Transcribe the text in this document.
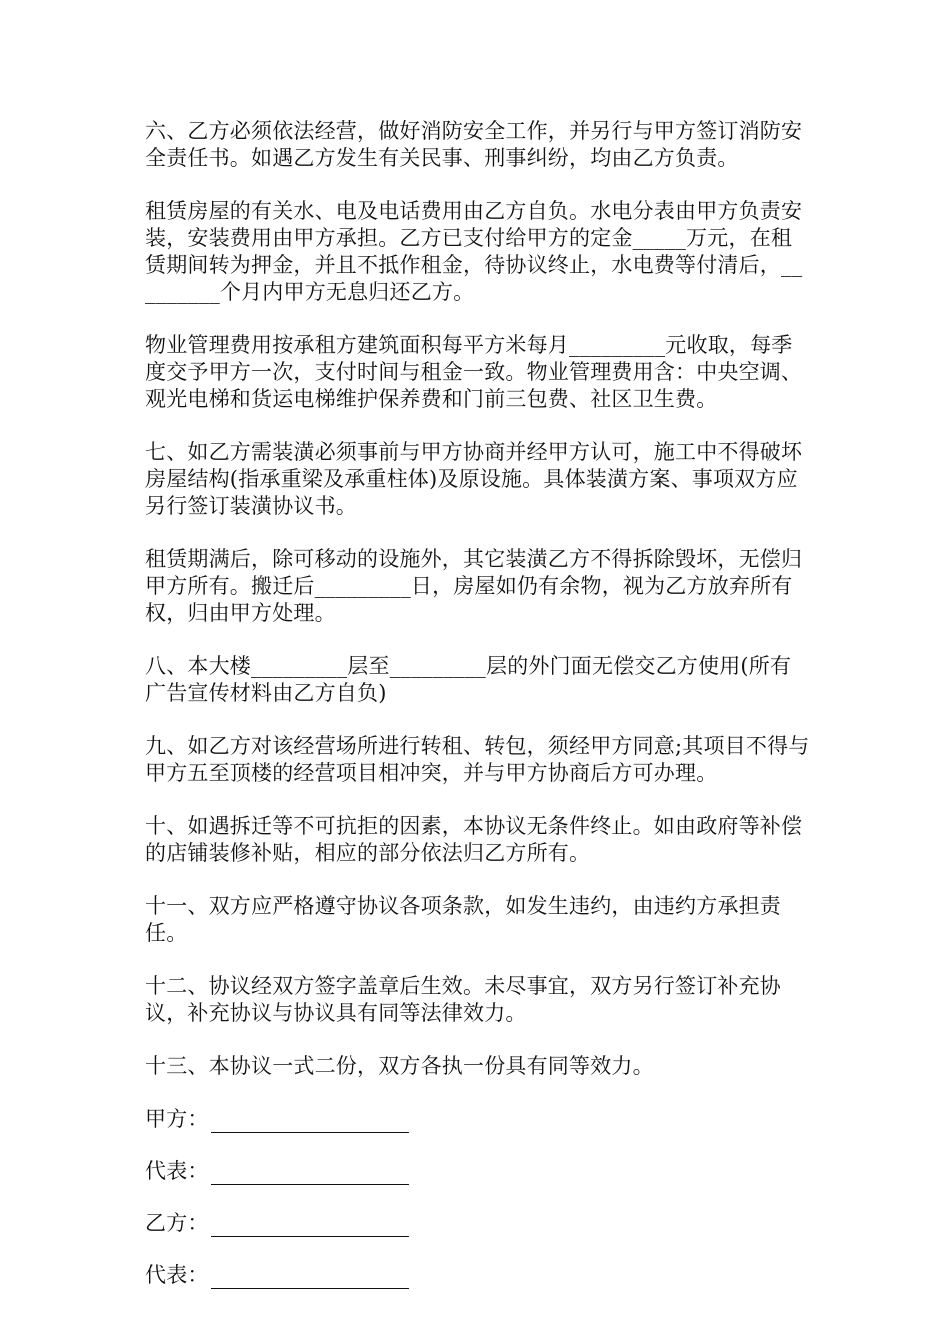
六、乙方必须依法经营，做好消防安全工作，并另行与甲方签订消防安全责任书。如遇乙方发生有关民事、刑事纠纷，均由乙方负责。

租赁房屋的有关水、电及电话费用由乙方自负。水电分表由甲方负责安装，安装费用由甲方承担。乙方已支付给甲方的定金_____万元，在租赁期间转为押金，并且不抵作租金，待协议终止，水电费等付清后，_________个月内甲方无息归还乙方。

物业管理费用按承租方建筑面积每平方米每月_________元收取，每季度交予甲方一次，支付时间与租金一致。物业管理费用含：中央空调、观光电梯和货运电梯维护保养费和门前三包费、社区卫生费。

七、如乙方需装潢必须事前与甲方协商并经甲方认可，施工中不得破坏房屋结构(指承重梁及承重柱体)及原设施。具体装潢方案、事项双方应另行签订装潢协议书。

租赁期满后，除可移动的设施外，其它装潢乙方不得拆除毁坏，无偿归甲方所有。搬迁后_________日，房屋如仍有余物，视为乙方放弃所有权，归由甲方处理。

八、本大楼_________层至_________层的外门面无偿交乙方使用(所有广告宣传材料由乙方自负)

九、如乙方对该经营场所进行转租、转包，须经甲方同意;其项目不得与甲方五至顶楼的经营项目相冲突，并与甲方协商后方可办理。

十、如遇拆迁等不可抗拒的因素，本协议无条件终止。如由政府等补偿的店铺装修补贴，相应的部分依法归乙方所有。

十一、双方应严格遵守协议各项条款，如发生违约，由违约方承担责任。

十二、协议经双方签字盖章后生效。未尽事宜，双方另行签订补充协议，补充协议与协议具有同等法律效力。

十三、本协议一式二份，双方各执一份具有同等效力。

甲方：
代表：
乙方：
代表：
